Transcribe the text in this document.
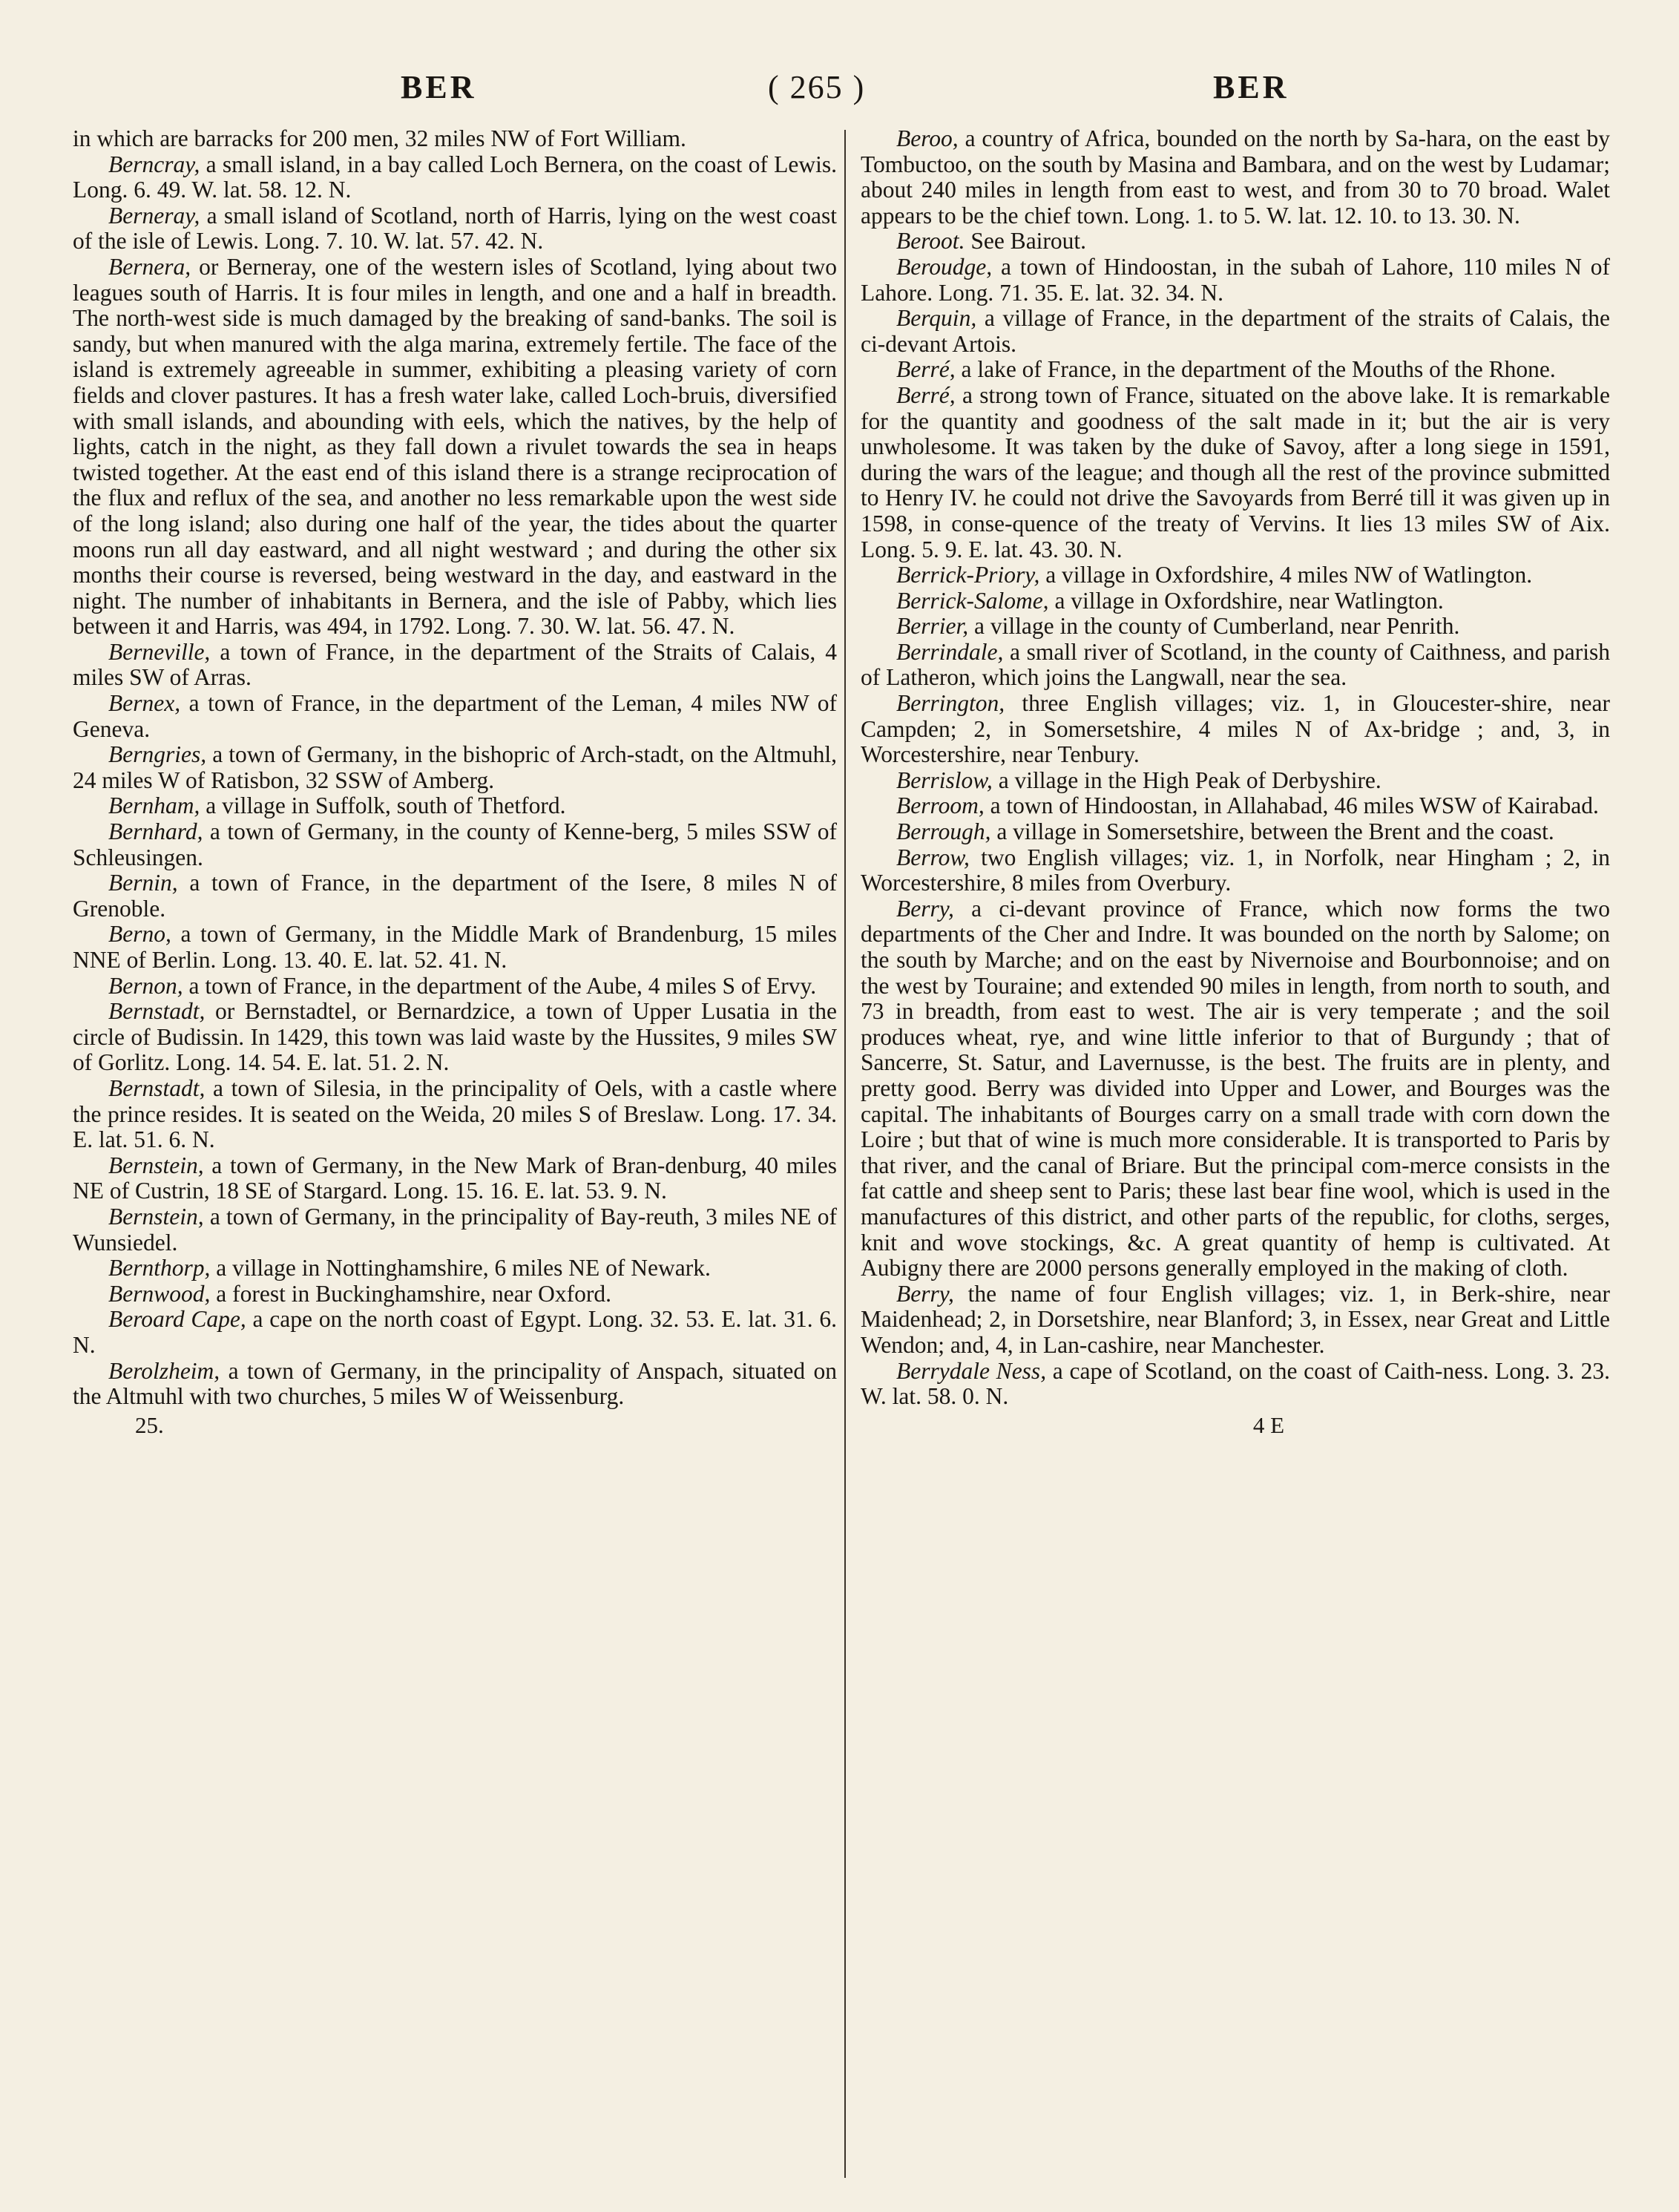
BER	( 265 )	BER

in which are barracks for 200 men, 32 miles NW of Fort William.

Berncray, a small island, in a bay called Loch Bernera, on the coast of Lewis. Long. 6. 49. W. lat. 58. 12. N.

Berneray, a small island of Scotland, north of Harris, lying on the west coast of the isle of Lewis. Long. 7. 10. W. lat. 57. 42. N.

Bernera, or Berneray, one of the western isles of Scotland, lying about two leagues south of Harris. It is four miles in length, and one and a half in breadth. The north-west side is much damaged by the breaking of sand-banks. The soil is sandy, but when manured with the alga marina, extremely fertile. The face of the island is extremely agreeable in summer, exhibiting a pleasing variety of corn fields and clover pastures. It has a fresh water lake, called Loch-bruis, diversified with small islands, and abounding with eels, which the natives, by the help of lights, catch in the night, as they fall down a rivulet towards the sea in heaps twisted together. At the east end of this island there is a strange reciprocation of the flux and reflux of the sea, and another no less remarkable upon the west side of the long island; also during one half of the year, the tides about the quarter moons run all day eastward, and all night westward ; and during the other six months their course is reversed, being westward in the day, and eastward in the night. The number of inhabitants in Bernera, and the isle of Pabby, which lies between it and Harris, was 494, in 1792. Long. 7. 30. W. lat. 56. 47. N.

Berneville, a town of France, in the department of the Straits of Calais, 4 miles SW of Arras.

Bernex, a town of France, in the department of the Leman, 4 miles NW of Geneva.

Berngries, a town of Germany, in the bishopric of Arch-stadt, on the Altmuhl, 24 miles W of Ratisbon, 32 SSW of Amberg.

Bernham, a village in Suffolk, south of Thetford.

Bernhard, a town of Germany, in the county of Kenne-berg, 5 miles SSW of Schleusingen.

Bernin, a town of France, in the department of the Isere, 8 miles N of Grenoble.

Berno, a town of Germany, in the Middle Mark of Brandenburg, 15 miles NNE of Berlin. Long. 13. 40. E. lat. 52. 41. N.

Bernon, a town of France, in the department of the Aube, 4 miles S of Ervy.

Bernstadt, or Bernstadtel, or Bernardzice, a town of Upper Lusatia in the circle of Budissin. In 1429, this town was laid waste by the Hussites, 9 miles SW of Gorlitz. Long. 14. 54. E. lat. 51. 2. N.

Bernstadt, a town of Silesia, in the principality of Oels, with a castle where the prince resides. It is seated on the Weida, 20 miles S of Breslaw. Long. 17. 34. E. lat. 51. 6. N.

Bernstein, a town of Germany, in the New Mark of Bran-denburg, 40 miles NE of Custrin, 18 SE of Stargard. Long. 15. 16. E. lat. 53. 9. N.

Bernstein, a town of Germany, in the principality of Bay-reuth, 3 miles NE of Wunsiedel.

Bernthorp, a village in Nottinghamshire, 6 miles NE of Newark.

Bernwood, a forest in Buckinghamshire, near Oxford.

Beroard Cape, a cape on the north coast of Egypt. Long. 32. 53. E. lat. 31. 6. N.

Berolzheim, a town of Germany, in the principality of Anspach, situated on the Altmuhl with two churches, 5 miles W of Weissenburg.

25.

Beroo, a country of Africa, bounded on the north by Sa-hara, on the east by Tombuctoo, on the south by Masina and Bambara, and on the west by Ludamar; about 240 miles in length from east to west, and from 30 to 70 broad. Walet appears to be the chief town. Long. 1. to 5. W. lat. 12. 10. to 13. 30. N.

Beroot. See Bairout.

Beroudge, a town of Hindoostan, in the subah of Lahore, 110 miles N of Lahore. Long. 71. 35. E. lat. 32. 34. N.

Berquin, a village of France, in the department of the straits of Calais, the ci-devant Artois.

Berré, a lake of France, in the department of the Mouths of the Rhone.

Berré, a strong town of France, situated on the above lake. It is remarkable for the quantity and goodness of the salt made in it; but the air is very unwholesome. It was taken by the duke of Savoy, after a long siege in 1591, during the wars of the league; and though all the rest of the province submitted to Henry IV. he could not drive the Savoyards from Berré till it was given up in 1598, in conse-quence of the treaty of Vervins. It lies 13 miles SW of Aix. Long. 5. 9. E. lat. 43. 30. N.

Berrick-Priory, a village in Oxfordshire, 4 miles NW of Watlington.

Berrick-Salome, a village in Oxfordshire, near Watlington.

Berrier, a village in the county of Cumberland, near Penrith.

Berrindale, a small river of Scotland, in the county of Caithness, and parish of Latheron, which joins the Langwall, near the sea.

Berrington, three English villages; viz. 1, in Gloucester-shire, near Campden; 2, in Somersetshire, 4 miles N of Ax-bridge ; and, 3, in Worcestershire, near Tenbury.

Berrislow, a village in the High Peak of Derbyshire.

Berroom, a town of Hindoostan, in Allahabad, 46 miles WSW of Kairabad.

Berrough, a village in Somersetshire, between the Brent and the coast.

Berrow, two English villages; viz. 1, in Norfolk, near Hingham ; 2, in Worcestershire, 8 miles from Overbury.

Berry, a ci-devant province of France, which now forms the two departments of the Cher and Indre. It was bounded on the north by Salome; on the south by Marche; and on the east by Nivernoise and Bourbonnoise; and on the west by Touraine; and extended 90 miles in length, from north to south, and 73 in breadth, from east to west. The air is very temperate ; and the soil produces wheat, rye, and wine little inferior to that of Burgundy ; that of Sancerre, St. Satur, and Lavernusse, is the best. The fruits are in plenty, and pretty good. Berry was divided into Upper and Lower, and Bourges was the capital. The inhabitants of Bourges carry on a small trade with corn down the Loire ; but that of wine is much more considerable. It is transported to Paris by that river, and the canal of Briare. But the principal com-merce consists in the fat cattle and sheep sent to Paris; these last bear fine wool, which is used in the manufactures of this district, and other parts of the republic, for cloths, serges, knit and wove stockings, &c. A great quantity of hemp is cultivated. At Aubigny there are 2000 persons generally employed in the making of cloth.

Berry, the name of four English villages; viz. 1, in Berk-shire, near Maidenhead; 2, in Dorsetshire, near Blanford; 3, in Essex, near Great and Little Wendon; and, 4, in Lan-cashire, near Manchester.

Berrydale Ness, a cape of Scotland, on the coast of Caith-ness. Long. 3. 23. W. lat. 58. 0. N.

4 E
